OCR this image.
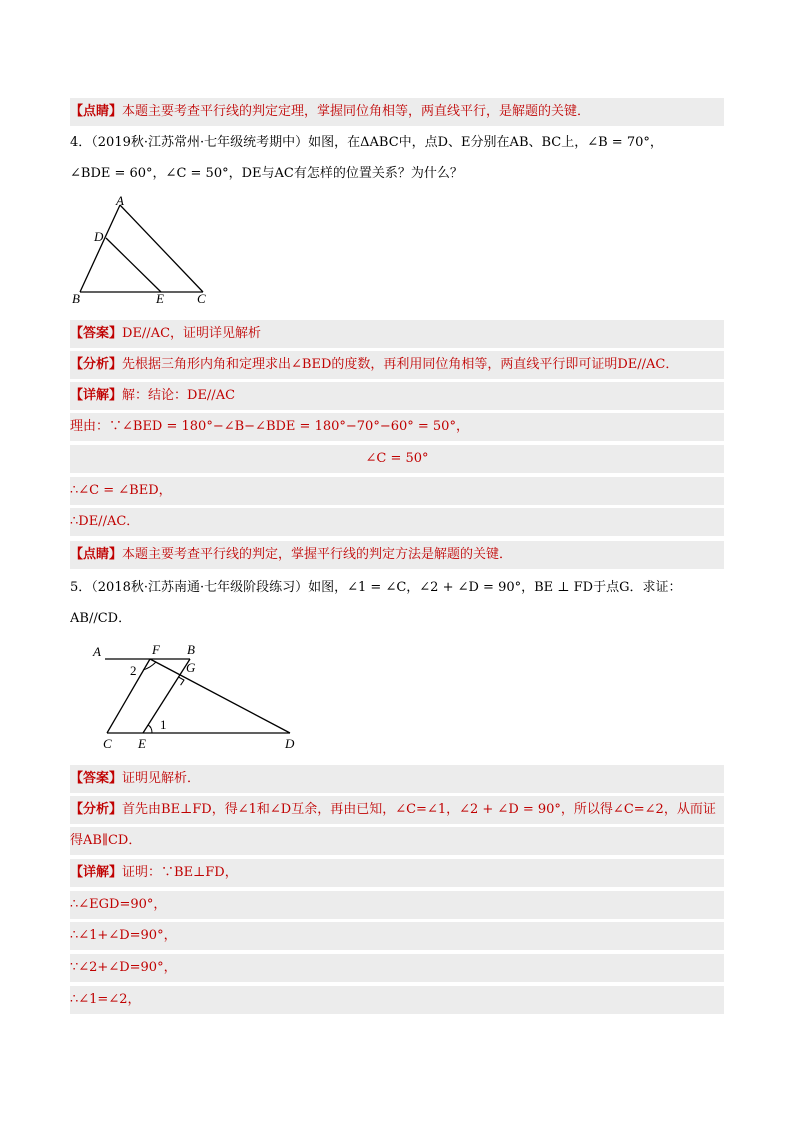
【点睛】本题主要考查平行线的判定定理，掌握同位角相等，两直线平行，是解题的关键．
4．（2019秋·江苏常州·七年级统考期中）如图，在ΔABC中，点D、E分别在AB、BC上，∠B = 70°，
∠BDE = 60°，∠C = 50°，DE与AC有怎样的位置关系？为什么？
A
D
B	E	C
【答案】DE//AC，证明详见解析
【分析】先根据三角形内角和定理求出∠BED的度数，再利用同位角相等，两直线平行即可证明DE//AC．
【详解】解：结论：DE//AC
理由：∵∠BED = 180°−∠B−∠BDE = 180°−70°−60° = 50°，
∠C = 50°
∴∠C = ∠BED，
∴DE//AC．
【点睛】本题主要考查平行线的判定，掌握平行线的判定方法是解题的关键．
5．（2018秋·江苏南通·七年级阶段练习）如图，∠1 = ∠C，∠2 + ∠D = 90°，BE ⊥ FD于点G．求证：
AB//CD．
A	F B
G
2
1
C E	D
【答案】证明见解析．
【分析】首先由BE⊥FD，得∠1和∠D互余，再由已知，∠C=∠1，∠2 + ∠D = 90°，所以得∠C=∠2，从而证
得AB∥CD．
【详解】证明：∵BE⊥FD，
∴∠EGD=90°，
∴∠1+∠D=90°，
∵∠2+∠D=90°，
∴∠1=∠2，
